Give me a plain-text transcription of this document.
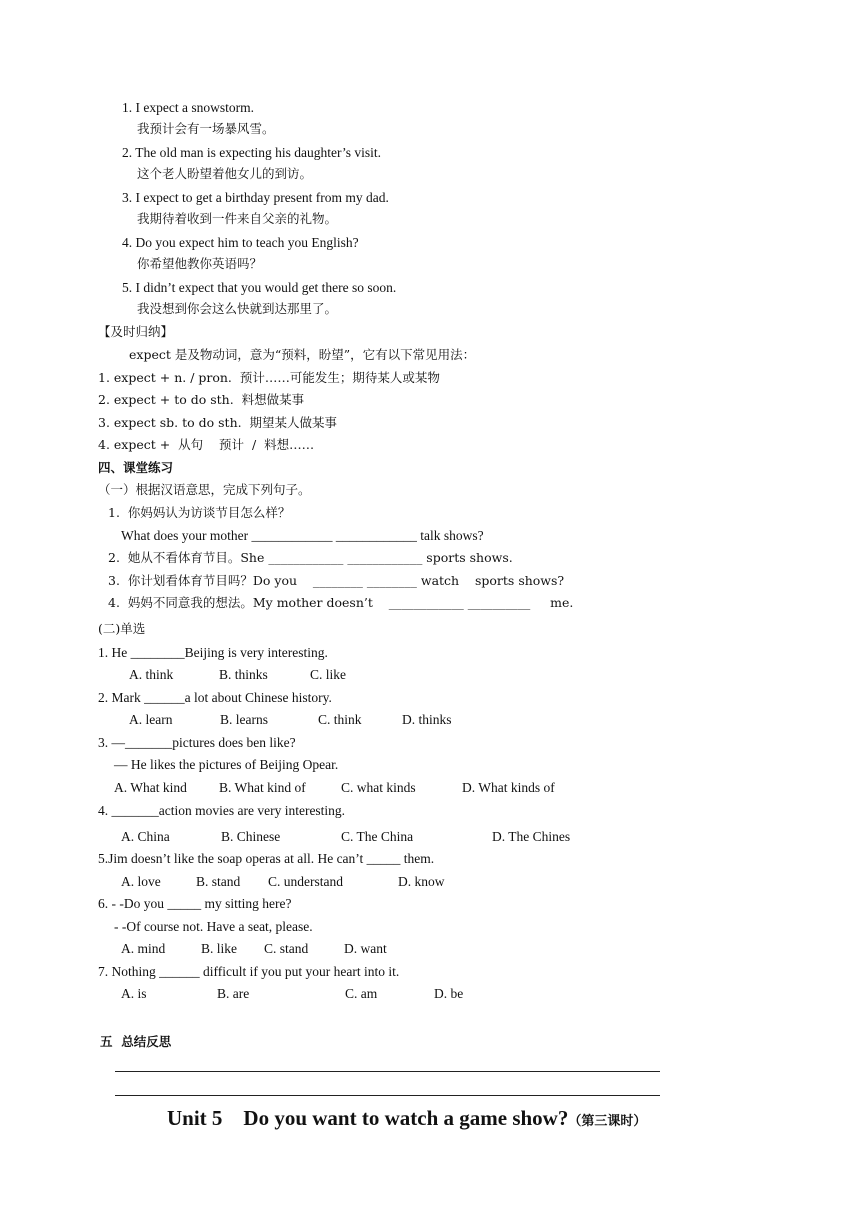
1. I expect a snowstorm.
我预计会有一场暴风雪。
2. The old man is expecting his daughter’s visit.
这个老人盼望着他女儿的到访。
3. I expect to get a birthday present from my dad.
我期待着收到一件来自父亲的礼物。
4. Do you expect him to teach you English?
你希望他教你英语吗？
5. I didn’t expect that you would get there so soon.
我没想到你会这么快就到达那里了。
【及时归纳】
expect 是及物动词，意为“预料，盼望”，它有以下常见用法：
1. expect + n. / pron.  预计……可能发生；期待某人或某物
2. expect + to do sth.  料想做某事
3. expect sb. to do sth.  期望某人做某事
4. expect +  从句    预计  /  料想……
四、课堂练习
（一）根据汉语意思，完成下列句子。
1.  你妈妈认为访谈节目怎么样？
What does your mother ____________ ____________ talk shows?
2.  她从不看体育节目。She ____________ ____________ sports shows.
3.  你计划看体育节目吗？Do you    ________ ________ watch    sports shows?
4.  妈妈不同意我的想法。My mother doesn’t    ____________ __________     me.
(二)单选
1. He ________Beijing is very interesting.
A. think	B. thinks	C. like
2. Mark ______a lot about Chinese history.
A. learn	B. learns	C. think	D. thinks
3. —_______pictures does ben like?
— He likes the pictures of Beijing Opear.
A. What kind B. What kind of	C. what kinds	D. What kinds of
4. _______action movies are very interesting.
A. China	B. Chinese	C. The China	D. The Chines
5.Jim doesn’t like the soap operas at all. He can’t _____ them.
A. love	B. stand C. understand	D. know
6. - -Do you _____ my sitting here?
- -Of course not. Have a seat, please.
A. mind	B. like C. stand	D. want
7. Nothing ______ difficult if you put your heart into it.
A. is	B. are	C. am	D. be
五  总结反思
Unit 5    Do you want to watch a game show?（第三课时）
